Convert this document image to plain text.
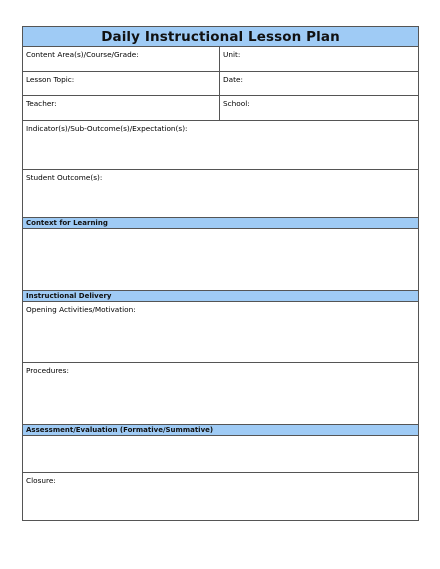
Daily Instructional Lesson Plan
Content Area(s)/Course/Grade:	Unit:
Lesson Topic:	Date:
Teacher:	School:
Indicator(s)/Sub-Outcome(s)/Expectation(s):
Student Outcome(s):
Context for Learning
Instructional Delivery
Opening Activities/Motivation:
Procedures:
Assessment/Evaluation (Formative/Summative)
Closure:
